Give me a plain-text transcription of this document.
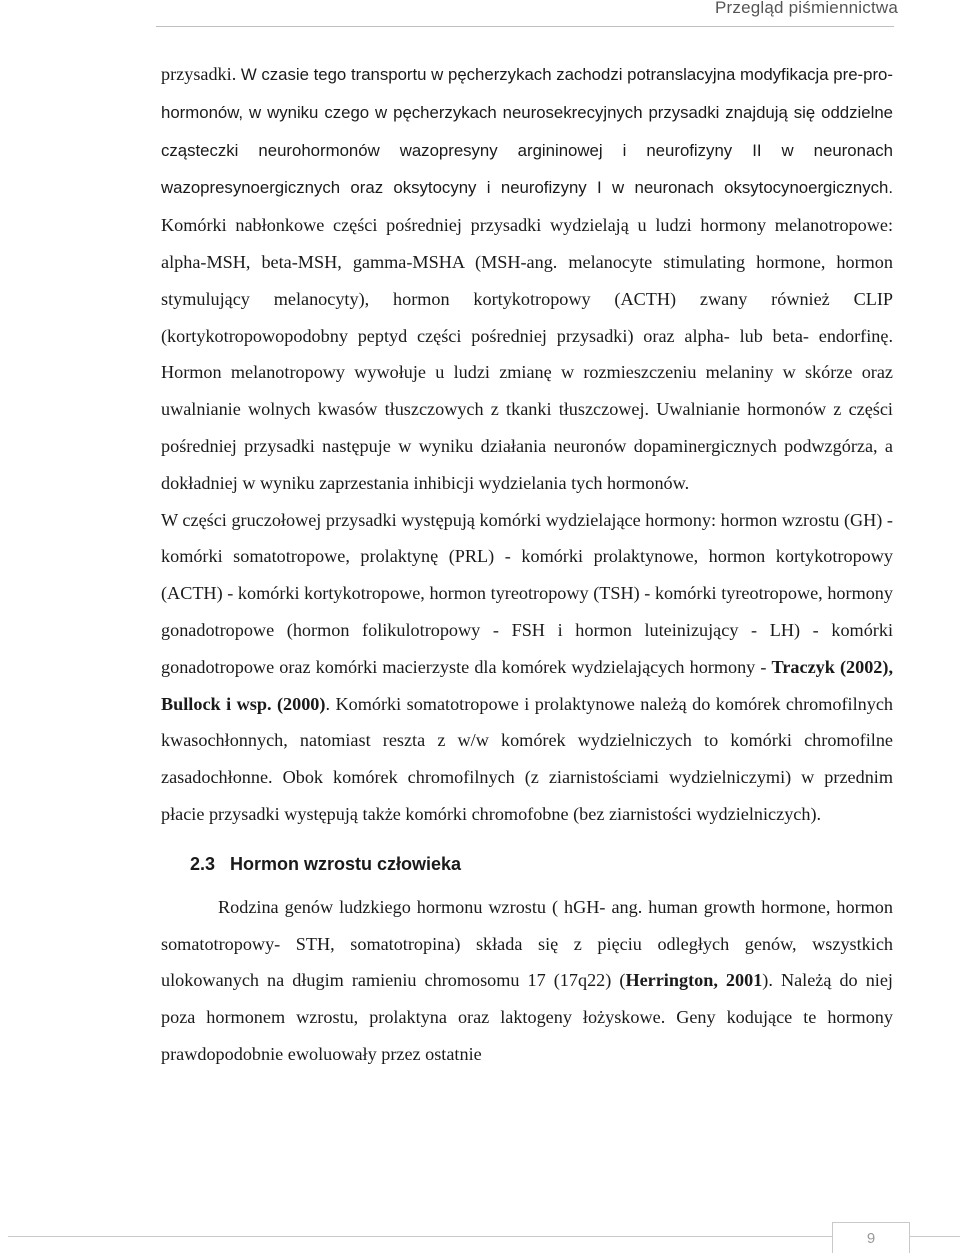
Przegląd piśmiennictwa

przysadki. W czasie tego transportu w pęcherzykach zachodzi potranslacyjna modyfikacja pre-pro-hormonów, w wyniku czego w pęcherzykach neurosekrecyjnych przysadki znajdują się oddzielne cząsteczki neurohormonów wazopresyny argininowej i neurofizyny II w neuronach wazopresynoergicznych oraz oksytocyny i neurofizyny I w neuronach oksytocynoergicznych. Komórki nabłonkowe części pośredniej przysadki wydzielają u ludzi hormony melanotropowe: alpha-MSH, beta-MSH, gamma-MSHA (MSH-ang. melanocyte stimulating hormone, hormon stymulujący melanocyty), hormon kortykotropowy (ACTH) zwany również CLIP (kortykotropowopodobny peptyd części pośredniej przysadki) oraz alpha- lub beta- endorfinę. Hormon melanotropowy wywołuje u ludzi zmianę w rozmieszczeniu melaniny w skórze oraz uwalnianie wolnych kwasów tłuszczowych z tkanki tłuszczowej. Uwalnianie hormonów z części pośredniej przysadki następuje w wyniku działania neuronów dopaminergicznych podwzgórza, a dokładniej w wyniku zaprzestania inhibicji wydzielania tych hormonów.

W części gruczołowej przysadki występują komórki wydzielające hormony: hormon wzrostu (GH) - komórki somatotropowe, prolaktynę (PRL) - komórki prolaktynowe, hormon kortykotropowy (ACTH) - komórki kortykotropowe, hormon tyreotropowy (TSH) - komórki tyreotropowe, hormony gonadotropowe (hormon folikulotropowy - FSH i hormon luteinizujący - LH) - komórki gonadotropowe oraz komórki macierzyste dla komórek wydzielających hormony - Traczyk (2002), Bullock i wsp. (2000). Komórki somatotropowe i prolaktynowe należą do komórek chromofilnych kwasochłonnych, natomiast reszta z w/w komórek wydzielniczych to komórki chromofilne zasadochłonne. Obok komórek chromofilnych (z ziarnistościami wydzielniczymi) w przednim płacie przysadki występują także komórki chromofobne (bez ziarnistości wydzielniczych).

2.3 Hormon wzrostu człowieka

Rodzina genów ludzkiego hormonu wzrostu ( hGH- ang. human growth hormone, hormon somatotropowy- STH, somatotropina) składa się z pięciu odległych genów, wszystkich ulokowanych na długim ramieniu chromosomu 17 (17q22) (Herrington, 2001). Należą do niej poza hormonem wzrostu, prolaktyna oraz laktogeny łożyskowe. Geny kodujące te hormony prawdopodobnie ewoluowały przez ostatnie

9
